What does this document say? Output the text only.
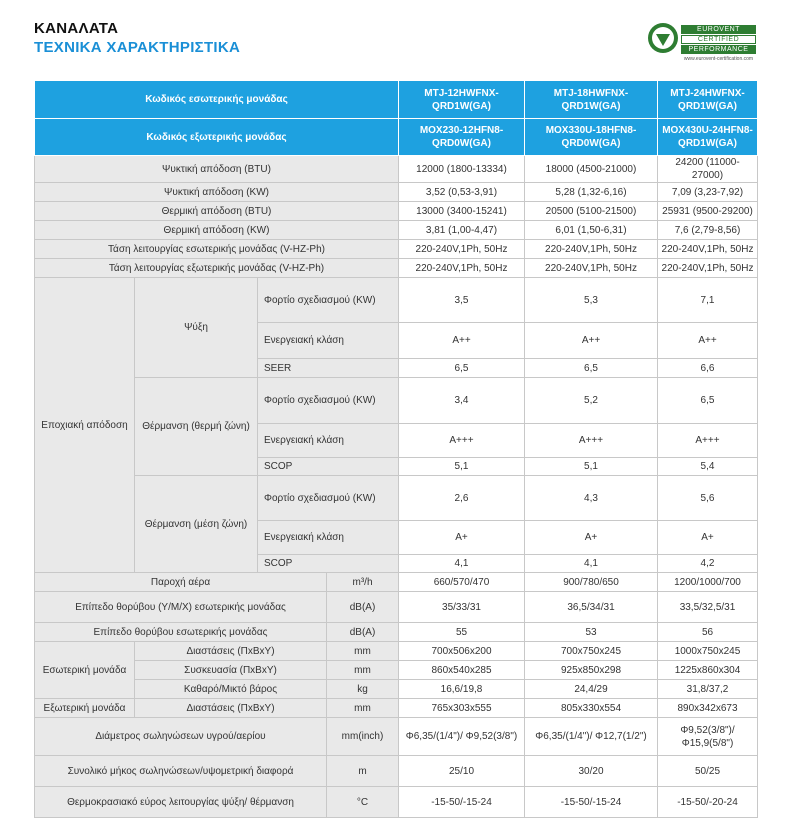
ΚΑΝΑΛΑΤΑ
ΤΕΧΝΙΚΑ ΧΑΡΑΚΤΗΡΙΣΤΙΚΑ
EUROVENT
CERTIFIED
PERFORMANCE
www.eurovent-certification.com
Κωδικός εσωτερικής μονάδας				MTJ-12HWFNX-QRD1W(GA)	MTJ-18HWFNX-QRD1W(GA)	MTJ-24HWFNX-QRD1W(GA)
Κωδικός εξωτερικής μονάδας				MOX230-12HFN8-QRD0W(GA)	MOX330U-18HFN8-QRD0W(GA)	MOX430U-24HFN8-QRD1W(GA)
Ψυκτική απόδοση (BTU)				12000 (1800-13334)	18000 (4500-21000)	24200 (11000-27000)
Ψυκτική απόδοση (KW)				3,52 (0,53-3,91)	5,28 (1,32-6,16)	7,09 (3,23-7,92)
Θερμική απόδοση (BTU)				13000 (3400-15241)	20500 (5100-21500)	25931 (9500-29200)
Θερμική απόδοση (KW)				3,81 (1,00-4,47)	6,01 (1,50-6,31)	7,6 (2,79-8,56)
Τάση λειτουργίας εσωτερικής μονάδας (V-HZ-Ph)				220-240V,1Ph, 50Hz	220-240V,1Ph, 50Hz	220-240V,1Ph, 50Hz
Τάση λειτουργίας εξωτερικής μονάδας (V-HZ-Ph)				220-240V,1Ph, 50Hz	220-240V,1Ph, 50Hz	220-240V,1Ph, 50Hz
Εποχιακή απόδοση	Ψύξη	Φορτίο σχεδιασμού (KW)		3,5	5,3	7,1
		Ενεργειακή κλάση		A++	A++	A++
		SEER		6,5	6,5	6,6
	Θέρμανση (θερμή ζώνη)	Φορτίο σχεδιασμού (KW)		3,4	5,2	6,5
		Ενεργειακή κλάση		A+++	A+++	A+++
		SCOP		5,1	5,1	5,4
	Θέρμανση (μέση ζώνη)	Φορτίο σχεδιασμού (KW)		2,6	4,3	5,6
		Ενεργειακή κλάση		A+	A+	A+
		SCOP		4,1	4,1	4,2
Παροχή αέρα			m³/h	660/570/470	900/780/650	1200/1000/700
Επίπεδο θορύβου (Υ/Μ/Χ) εσωτερικής μονάδας			dB(A)	35/33/31	36,5/34/31	33,5/32,5/31
Επίπεδο θορύβου εσωτερικής μονάδας			dB(A)	55	53	56
Εσωτερική μονάδα	Διαστάσεις (ΠxΒxΥ)		mm	700x506x200	700x750x245	1000x750x245
	Συσκευασία (ΠxΒxΥ)		mm	860x540x285	925x850x298	1225x860x304
	Καθαρό/Μικτό βάρος		kg	16,6/19,8	24,4/29	31,8/37,2
Εξωτερική μονάδα	Διαστάσεις (ΠxΒxΥ)		mm	765x303x555	805x330x554	890x342x673
Διάμετρος σωληνώσεων υγρού/αερίου			mm(inch)	Φ6,35/(1/4")/ Φ9,52(3/8")	Φ6,35/(1/4")/ Φ12,7(1/2")	Φ9,52(3/8")/ Φ15,9(5/8")
Συνολικό μήκος σωληνώσεων/υψομετρική διαφορά			m	25/10	30/20	50/25
Θερμοκρασιακό εύρος λειτουργίας ψύξη/ θέρμανση			°C	-15-50/-15-24	-15-50/-15-24	-15-50/-20-24
